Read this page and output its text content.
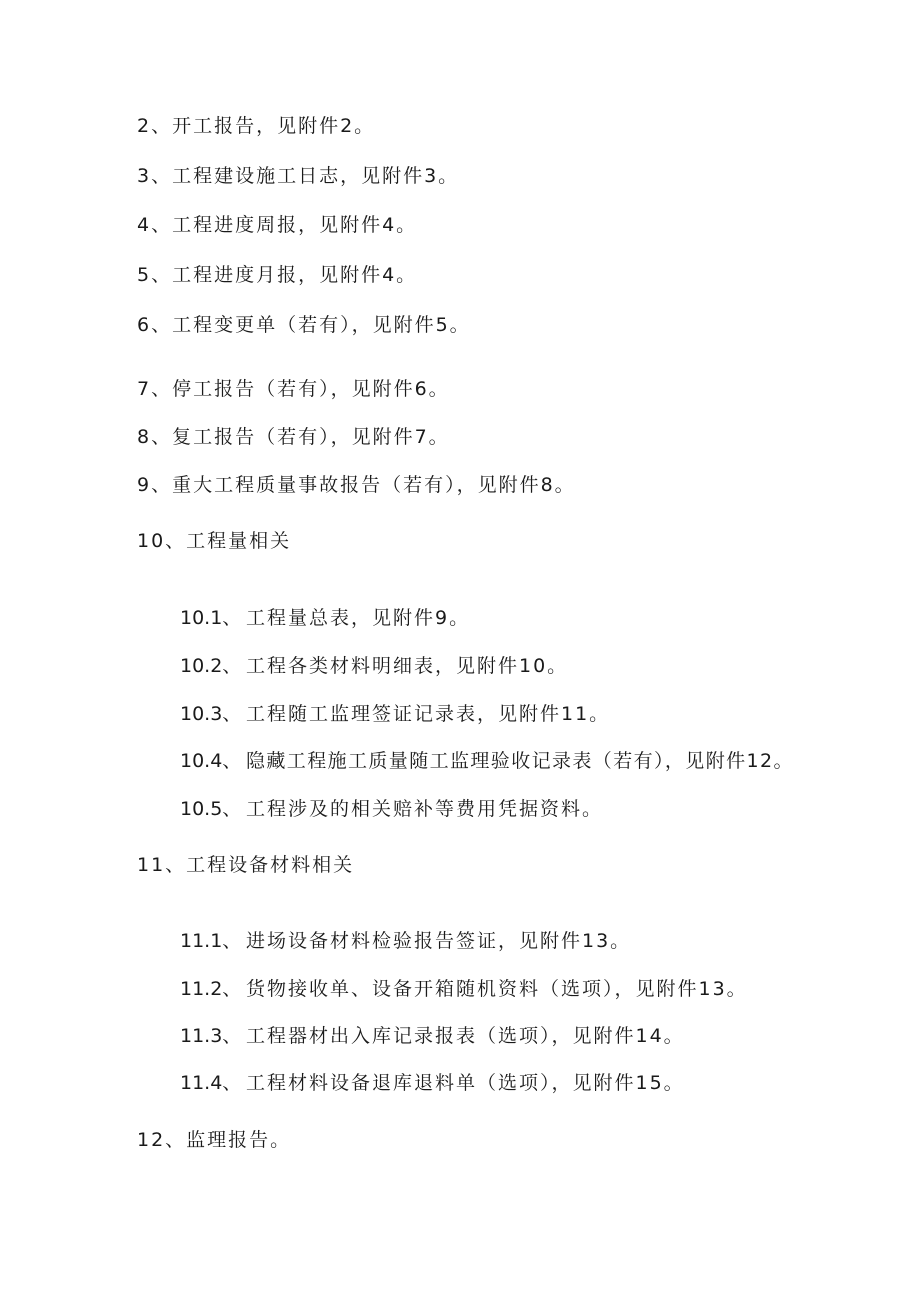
2、开工报告，见附件2。
3、工程建设施工日志，见附件3。
4、工程进度周报，见附件4。
5、工程进度月报，见附件4。
6、工程变更单（若有），见附件5。
7、停工报告（若有），见附件6。
8、复工报告（若有），见附件7。
9、重大工程质量事故报告（若有），见附件8。
10、工程量相关
10.1、 工程量总表，见附件9。
10.2、 工程各类材料明细表，见附件10。
10.3、 工程随工监理签证记录表，见附件11。
10.4、 隐藏工程施工质量随工监理验收记录表（若有），见附件12。
10.5、 工程涉及的相关赔补等费用凭据资料。
11、工程设备材料相关
11.1、 进场设备材料检验报告签证，见附件13。
11.2、 货物接收单、设备开箱随机资料（选项），见附件13。
11.3、 工程器材出入库记录报表（选项），见附件14。
11.4、 工程材料设备退库退料单（选项），见附件15。
12、监理报告。
